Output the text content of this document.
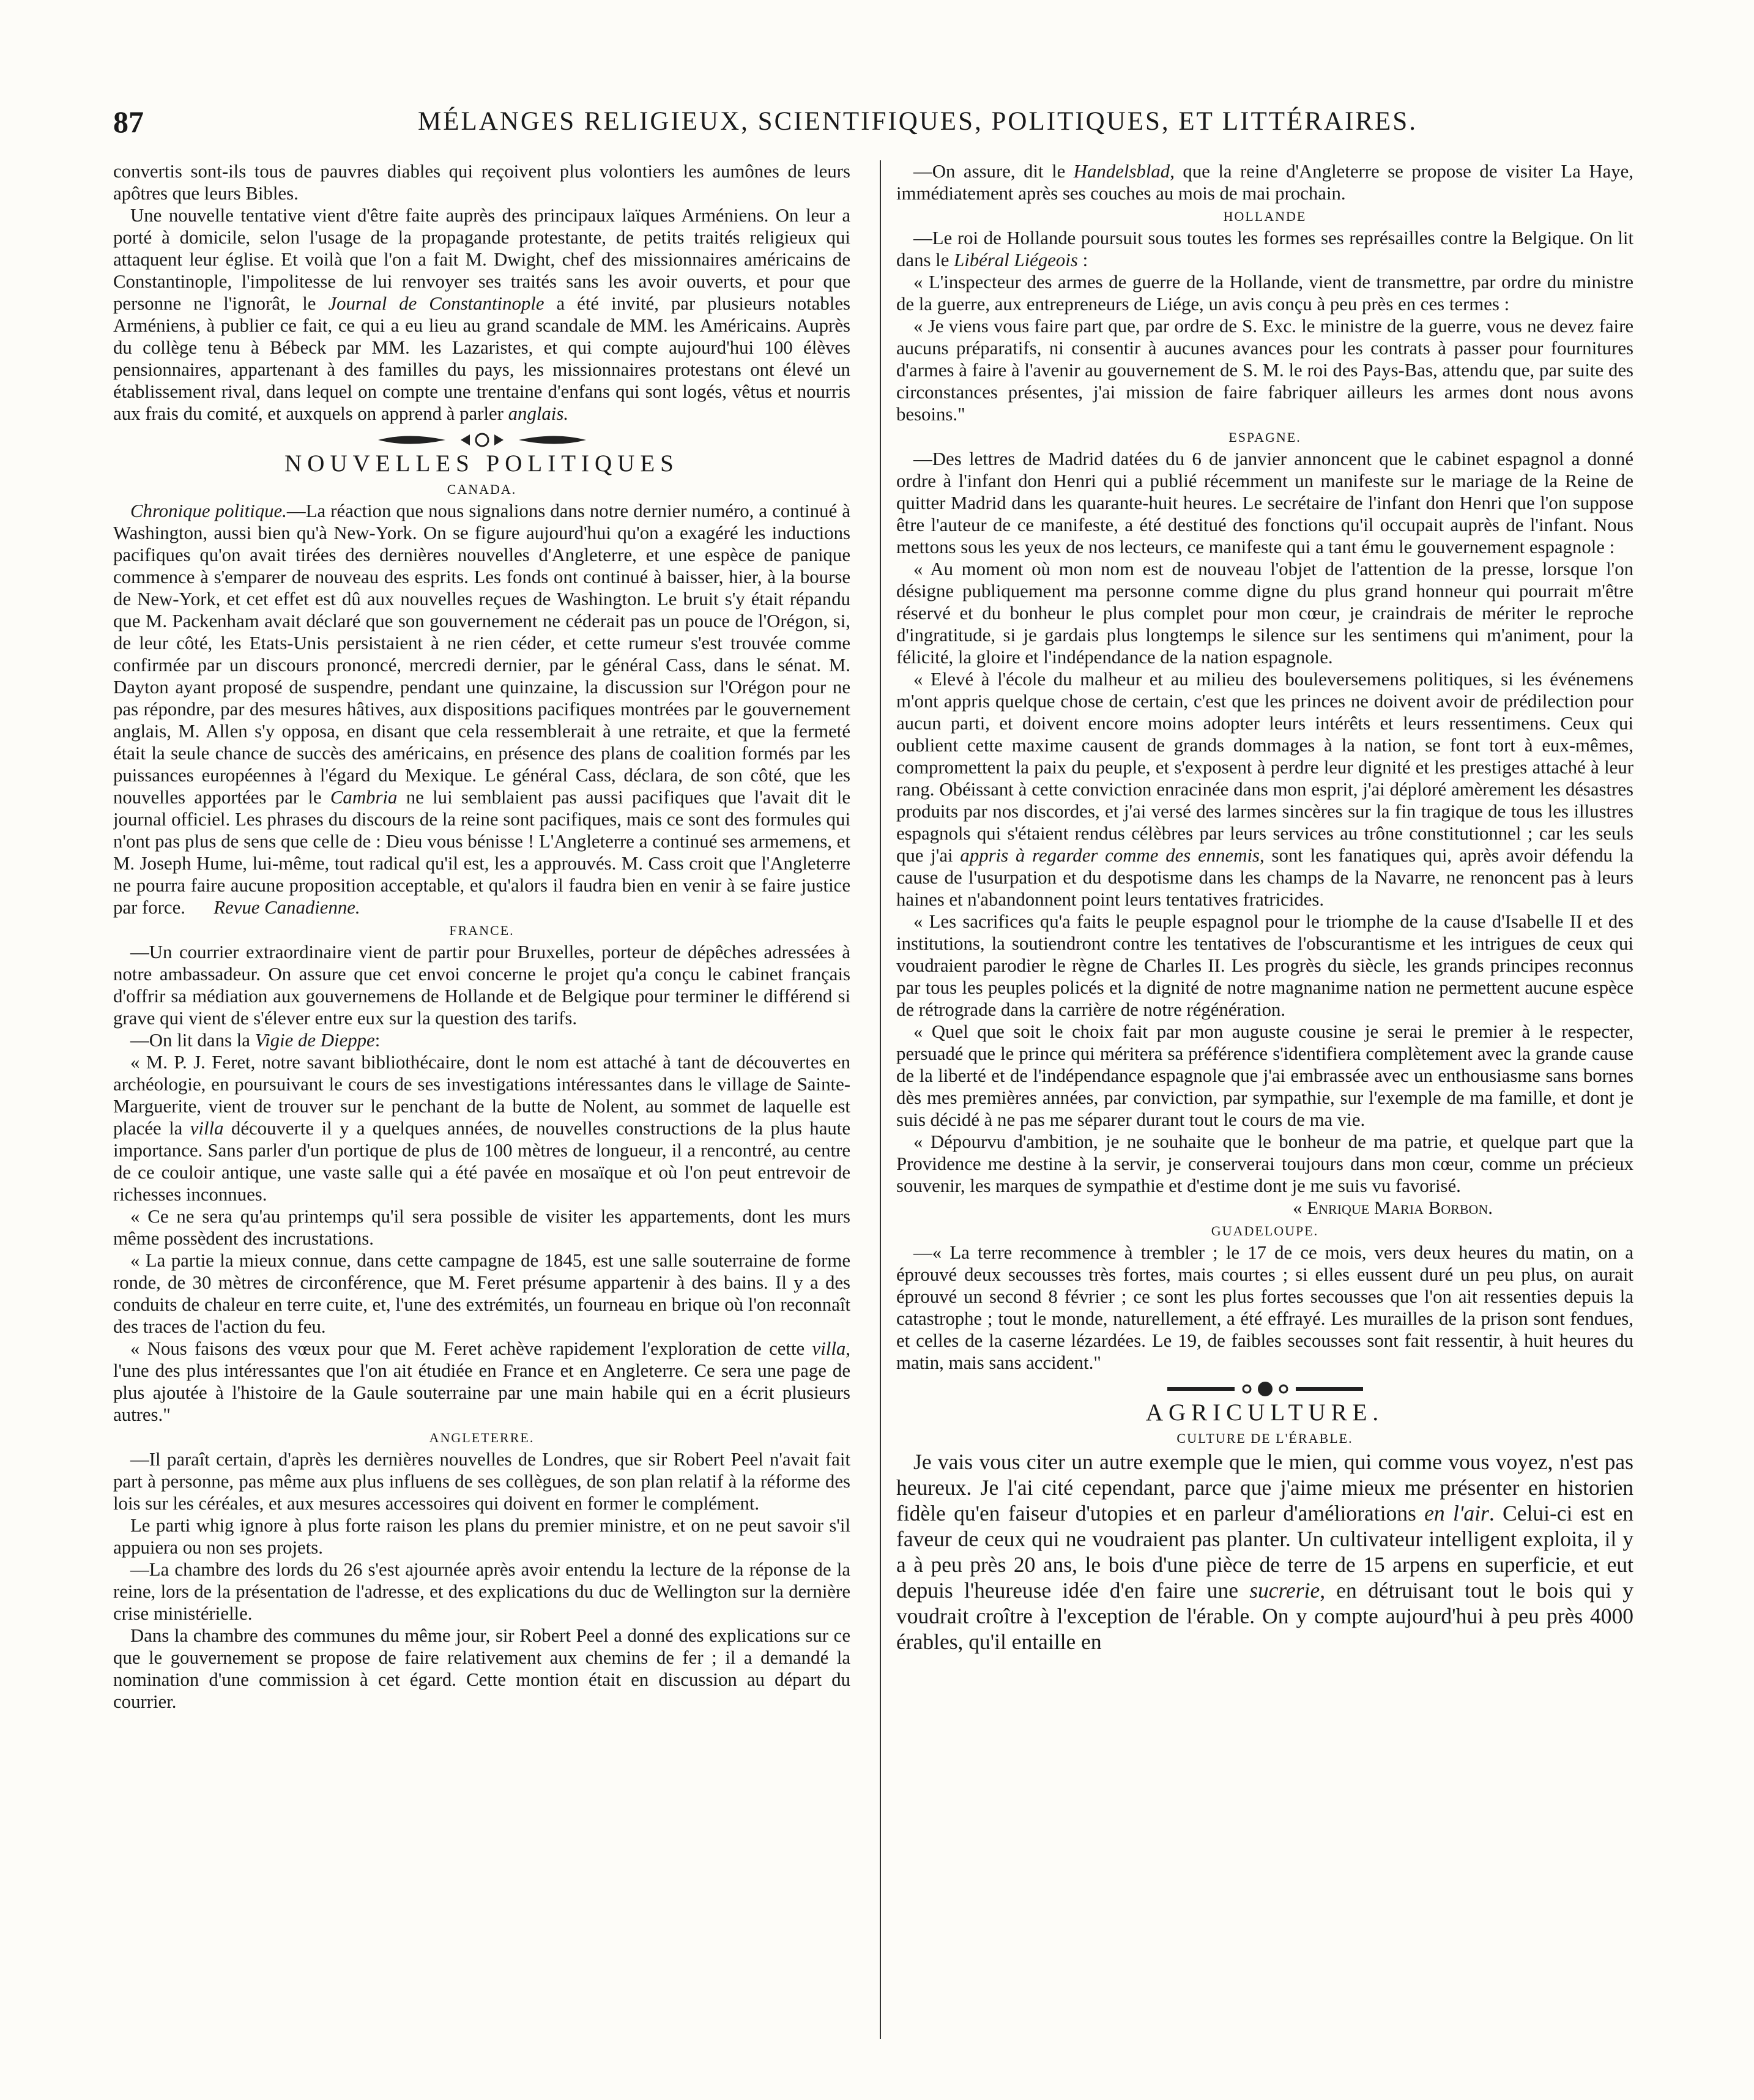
87	MÉLANGES RELIGIEUX, SCIENTIFIQUES, POLITIQUES, ET LITTÉRAIRES.

convertis sont-ils tous de pauvres diables qui reçoivent plus volontiers les aumônes de leurs apôtres que leurs Bibles.

Une nouvelle tentative vient d'être faite auprès des principaux laïques Arméniens. On leur a porté à domicile, selon l'usage de la propagande protestante, de petits traités religieux qui attaquent leur église. Et voilà que l'on a fait M. Dwight, chef des missionnaires américains de Constantinople, l'impolitesse de lui renvoyer ses traités sans les avoir ouverts, et pour que personne ne l'ignorât, le Journal de Constantinople a été invité, par plusieurs notables Arméniens, à publier ce fait, ce qui a eu lieu au grand scandale de MM. les Américains. Auprès du collège tenu à Bébeck par MM. les Lazaristes, et qui compte aujourd'hui 100 élèves pensionnaires, appartenant à des familles du pays, les missionnaires protestans ont élevé un établissement rival, dans lequel on compte une trentaine d'enfans qui sont logés, vêtus et nourris aux frais du comité, et auxquels on apprend à parler anglais.

NOUVELLES POLITIQUES
CANADA.

Chronique politique.—La réaction que nous signalions dans notre dernier numéro, a continué à Washington, aussi bien qu'à New-York. On se figure aujourd'hui qu'on a exagéré les inductions pacifiques qu'on avait tirées des dernières nouvelles d'Angleterre, et une espèce de panique commence à s'emparer de nouveau des esprits. Les fonds ont continué à baisser, hier, à la bourse de New-York, et cet effet est dû aux nouvelles reçues de Washington. Le bruit s'y était répandu que M. Packenham avait déclaré que son gouvernement ne céderait pas un pouce de l'Orégon, si, de leur côté, les Etats-Unis persistaient à ne rien céder, et cette rumeur s'est trouvée comme confirmée par un discours prononcé, mercredi dernier, par le général Cass, dans le sénat. M. Dayton ayant proposé de suspendre, pendant une quinzaine, la discussion sur l'Orégon pour ne pas répondre, par des mesures hâtives, aux dispositions pacifiques montrées par le gouvernement anglais, M. Allen s'y opposa, en disant que cela ressemblerait à une retraite, et que la fermeté était la seule chance de succès des américains, en présence des plans de coalition formés par les puissances européennes à l'égard du Mexique. Le général Cass, déclara, de son côté, que les nouvelles apportées par le Cambria ne lui semblaient pas aussi pacifiques que l'avait dit le journal officiel. Les phrases du discours de la reine sont pacifiques, mais ce sont des formules qui n'ont pas plus de sens que celle de : Dieu vous bénisse ! L'Angleterre a continué ses armemens, et M. Joseph Hume, lui-même, tout radical qu'il est, les a approuvés. M. Cass croit que l'Angleterre ne pourra faire aucune proposition acceptable, et qu'alors il faudra bien en venir à se faire justice par force. Revue Canadienne.

FRANCE.

—Un courrier extraordinaire vient de partir pour Bruxelles, porteur de dépêches adressées à notre ambassadeur. On assure que cet envoi concerne le projet qu'a conçu le cabinet français d'offrir sa médiation aux gouvernemens de Hollande et de Belgique pour terminer le différend si grave qui vient de s'élever entre eux sur la question des tarifs.

—On lit dans la Vigie de Dieppe:

« M. P. J. Feret, notre savant bibliothécaire, dont le nom est attaché à tant de découvertes en archéologie, en poursuivant le cours de ses investigations intéressantes dans le village de Sainte-Marguerite, vient de trouver sur le penchant de la butte de Nolent, au sommet de laquelle est placée la villa découverte il y a quelques années, de nouvelles constructions de la plus haute importance. Sans parler d'un portique de plus de 100 mètres de longueur, il a rencontré, au centre de ce couloir antique, une vaste salle qui a été pavée en mosaïque et où l'on peut entrevoir de richesses inconnues.

« Ce ne sera qu'au printemps qu'il sera possible de visiter les appartements, dont les murs même possèdent des incrustations.

« La partie la mieux connue, dans cette campagne de 1845, est une salle souterraine de forme ronde, de 30 mètres de circonférence, que M. Feret présume appartenir à des bains. Il y a des conduits de chaleur en terre cuite, et, l'une des extrémités, un fourneau en brique où l'on reconnaît des traces de l'action du feu.

« Nous faisons des vœux pour que M. Feret achève rapidement l'exploration de cette villa, l'une des plus intéressantes que l'on ait étudiée en France et en Angleterre. Ce sera une page de plus ajoutée à l'histoire de la Gaule souterraine par une main habile qui en a écrit plusieurs autres."

ANGLETERRE.

—Il paraît certain, d'après les dernières nouvelles de Londres, que sir Robert Peel n'avait fait part à personne, pas même aux plus influens de ses collègues, de son plan relatif à la réforme des lois sur les céréales, et aux mesures accessoires qui doivent en former le complément.

Le parti whig ignore à plus forte raison les plans du premier ministre, et on ne peut savoir s'il appuiera ou non ses projets.

—La chambre des lords du 26 s'est ajournée après avoir entendu la lecture de la réponse de la reine, lors de la présentation de l'adresse, et des explications du duc de Wellington sur la dernière crise ministérielle.

Dans la chambre des communes du même jour, sir Robert Peel a donné des explications sur ce que le gouvernement se propose de faire relativement aux chemins de fer ; il a demandé la nomination d'une commission à cet égard. Cette montion était en discussion au départ du courrier.

—On assure, dit le Handelsblad, que la reine d'Angleterre se propose de visiter La Haye, immédiatement après ses couches au mois de mai prochain.

HOLLANDE

—Le roi de Hollande poursuit sous toutes les formes ses représailles contre la Belgique. On lit dans le Libéral Liégeois :

« L'inspecteur des armes de guerre de la Hollande, vient de transmettre, par ordre du ministre de la guerre, aux entrepreneurs de Liége, un avis conçu à peu près en ces termes :

« Je viens vous faire part que, par ordre de S. Exc. le ministre de la guerre, vous ne devez faire aucuns préparatifs, ni consentir à aucunes avances pour les contrats à passer pour fournitures d'armes à faire à l'avenir au gouvernement de S. M. le roi des Pays-Bas, attendu que, par suite des circonstances présentes, j'ai mission de faire fabriquer ailleurs les armes dont nous avons besoins."

ESPAGNE.

—Des lettres de Madrid datées du 6 de janvier annoncent que le cabinet espagnol a donné ordre à l'infant don Henri qui a publié récemment un manifeste sur le mariage de la Reine de quitter Madrid dans les quarante-huit heures. Le secrétaire de l'infant don Henri que l'on suppose être l'auteur de ce manifeste, a été destitué des fonctions qu'il occupait auprès de l'infant. Nous mettons sous les yeux de nos lecteurs, ce manifeste qui a tant ému le gouvernement espagnole :

« Au moment où mon nom est de nouveau l'objet de l'attention de la presse, lorsque l'on désigne publiquement ma personne comme digne du plus grand honneur qui pourrait m'être réservé et du bonheur le plus complet pour mon cœur, je craindrais de mériter le reproche d'ingratitude, si je gardais plus longtemps le silence sur les sentimens qui m'animent, pour la félicité, la gloire et l'indépendance de la nation espagnole.

« Elevé à l'école du malheur et au milieu des bouleversemens politiques, si les événemens m'ont appris quelque chose de certain, c'est que les princes ne doivent avoir de prédilection pour aucun parti, et doivent encore moins adopter leurs intérêts et leurs ressentimens. Ceux qui oublient cette maxime causent de grands dommages à la nation, se font tort à eux-mêmes, compromettent la paix du peuple, et s'exposent à perdre leur dignité et les prestiges attaché à leur rang. Obéissant à cette conviction enracinée dans mon esprit, j'ai déploré amèrement les désastres produits par nos discordes, et j'ai versé des larmes sincères sur la fin tragique de tous les illustres espagnols qui s'étaient rendus célèbres par leurs services au trône constitutionnel ; car les seuls que j'ai appris à regarder comme des ennemis, sont les fanatiques qui, après avoir défendu la cause de l'usurpation et du despotisme dans les champs de la Navarre, ne renoncent pas à leurs haines et n'abandonnent point leurs tentatives fratricides.

« Les sacrifices qu'a faits le peuple espagnol pour le triomphe de la cause d'Isabelle II et des institutions, la soutiendront contre les tentatives de l'obscurantisme et les intrigues de ceux qui voudraient parodier le règne de Charles II. Les progrès du siècle, les grands principes reconnus par tous les peuples policés et la dignité de notre magnanime nation ne permettent aucune espèce de rétrograde dans la carrière de notre régénération.

« Quel que soit le choix fait par mon auguste cousine je serai le premier à le respecter, persuadé que le prince qui méritera sa préférence s'identifiera complètement avec la grande cause de la liberté et de l'indépendance espagnole que j'ai embrassée avec un enthousiasme sans bornes dès mes premières années, par conviction, par sympathie, sur l'exemple de ma famille, et dont je suis décidé à ne pas me séparer durant tout le cours de ma vie.

« Dépourvu d'ambition, je ne souhaite que le bonheur de ma patrie, et quelque part que la Providence me destine à la servir, je conserverai toujours dans mon cœur, comme un précieux souvenir, les marques de sympathie et d'estime dont je me suis vu favorisé.

« Enrique Maria Borbon.

GUADELOUPE.

—« La terre recommence à trembler ; le 17 de ce mois, vers deux heures du matin, on a éprouvé deux secousses très fortes, mais courtes ; si elles eussent duré un peu plus, on aurait éprouvé un second 8 février ; ce sont les plus fortes secousses que l'on ait ressenties depuis la catastrophe ; tout le monde, naturellement, a été effrayé. Les murailles de la prison sont fendues, et celles de la caserne lézardées. Le 19, de faibles secousses sont fait ressentir, à huit heures du matin, mais sans accident."

AGRICULTURE.
CULTURE DE L'ÉRABLE.

Je vais vous citer un autre exemple que le mien, qui comme vous voyez, n'est pas heureux. Je l'ai cité cependant, parce que j'aime mieux me présenter en historien fidèle qu'en faiseur d'utopies et en parleur d'améliorations en l'air. Celui-ci est en faveur de ceux qui ne voudraient pas planter. Un cultivateur intelligent exploita, il y a à peu près 20 ans, le bois d'une pièce de terre de 15 arpens en superficie, et eut depuis l'heureuse idée d'en faire une sucrerie, en détruisant tout le bois qui y voudrait croître à l'exception de l'érable. On y compte aujourd'hui à peu près 4000 érables, qu'il entaille en
